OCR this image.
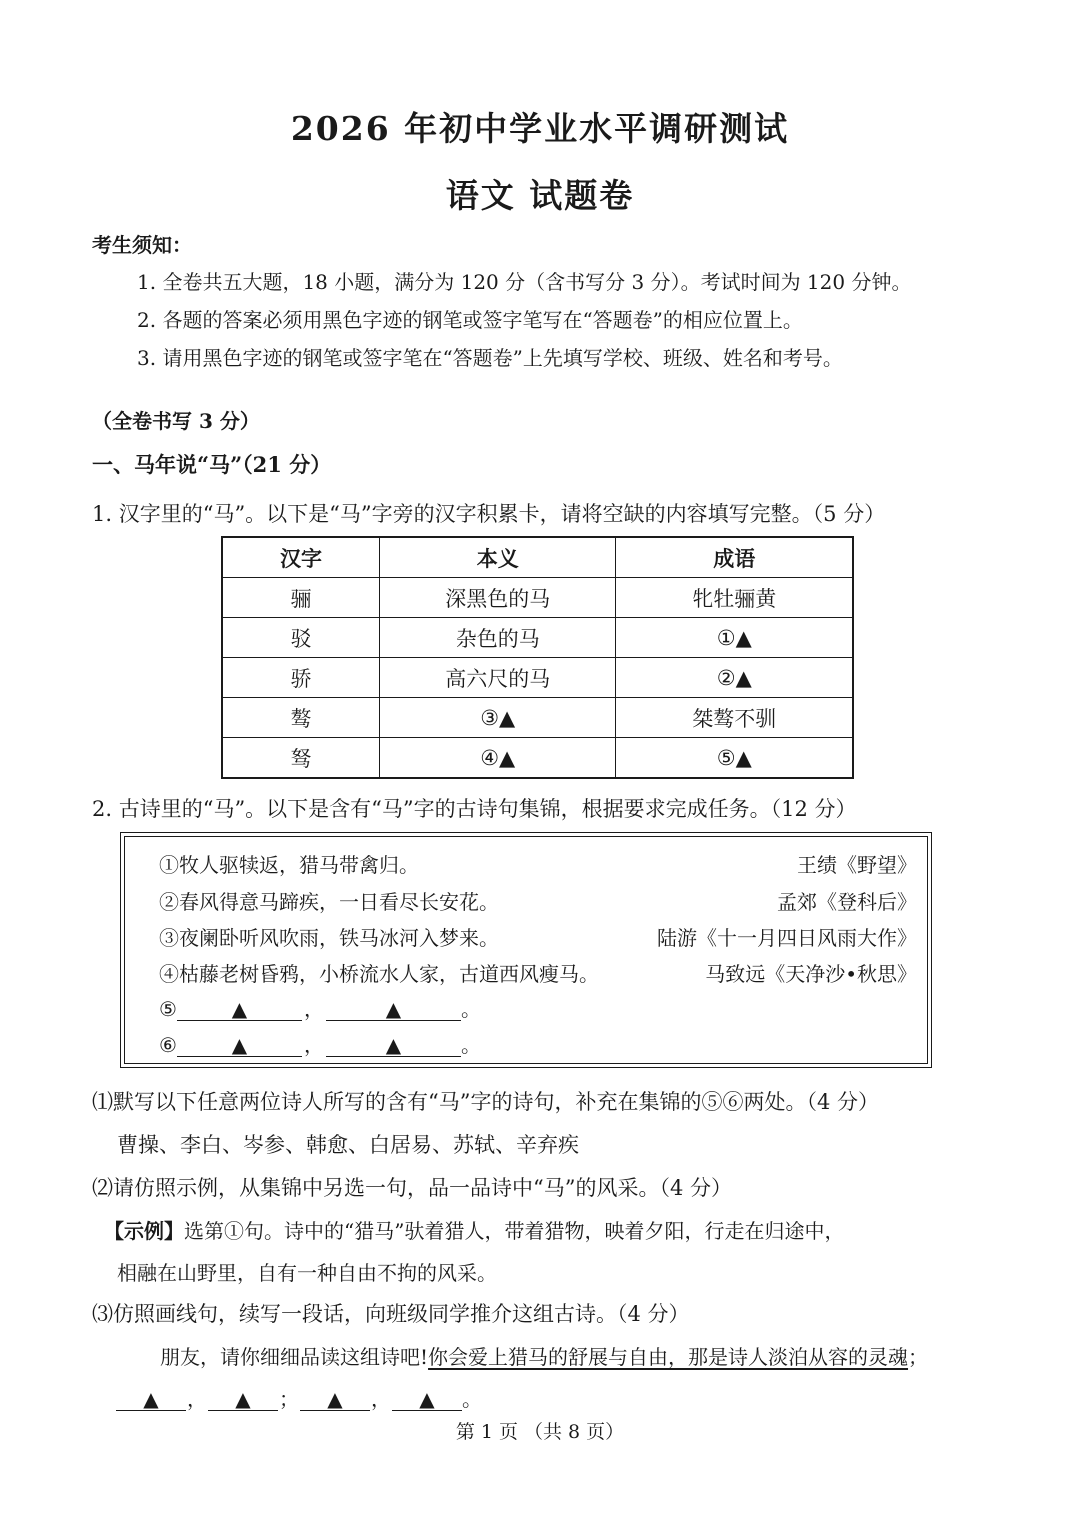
2026 年初中学业水平调研测试
语文 试题卷
考生须知：
1. 全卷共五大题，18 小题，满分为 120 分（含书写分 3 分）。考试时间为 120 分钟。
2. 各题的答案必须用黑色字迹的钢笔或签字笔写在“答题卷”的相应位置上。
3. 请用黑色字迹的钢笔或签字笔在“答题卷”上先填写学校、班级、姓名和考号。
（全卷书写 3 分）
一、马年说“马”（21 分）
1. 汉字里的“马”。以下是“马”字旁的汉字积累卡，请将空缺的内容填写完整。（5 分）
汉字	本义	成语
骊	深黑色的马	牝牡骊黄
驳	杂色的马	①▲
骄	高六尺的马	②▲
骜	③▲	桀骜不驯
驽	④▲	⑤▲
2. 古诗里的“马”。以下是含有“马”字的古诗句集锦，根据要求完成任务。（12 分）
①牧人驱犊返，猎马带禽归。	王绩《野望》
②春风得意马蹄疾，一日看尽长安花。	孟郊《登科后》
③夜阑卧听风吹雨，铁马冰河入梦来。	陆游《十一月四日风雨大作》
④枯藤老树昏鸦，小桥流水人家，古道西风瘦马。	马致远《天净沙•秋思》
⑤	▲	，	▲	。
⑥	▲	，	▲	。
⑴默写以下任意两位诗人所写的含有“马”字的诗句，补充在集锦的⑤⑥两处。（4 分）
曹操、李白、岑参、韩愈、白居易、苏轼、辛弃疾
⑵请仿照示例，从集锦中另选一句，品一品诗中“马”的风采。（4 分）
【示例】选第①句。诗中的“猎马”驮着猎人，带着猎物，映着夕阳，行走在归途中，
相融在山野里，自有一种自由不拘的风采。
⑶仿照画线句，续写一段话，向班级同学推介这组古诗。（4 分）
朋友，请你细细品读这组诗吧!你会爱上猎马的舒展与自由，那是诗人淡泊从容的灵魂；
▲ ， ▲ ； ▲ ， ▲ 。
第 1 页 （共 8 页）
